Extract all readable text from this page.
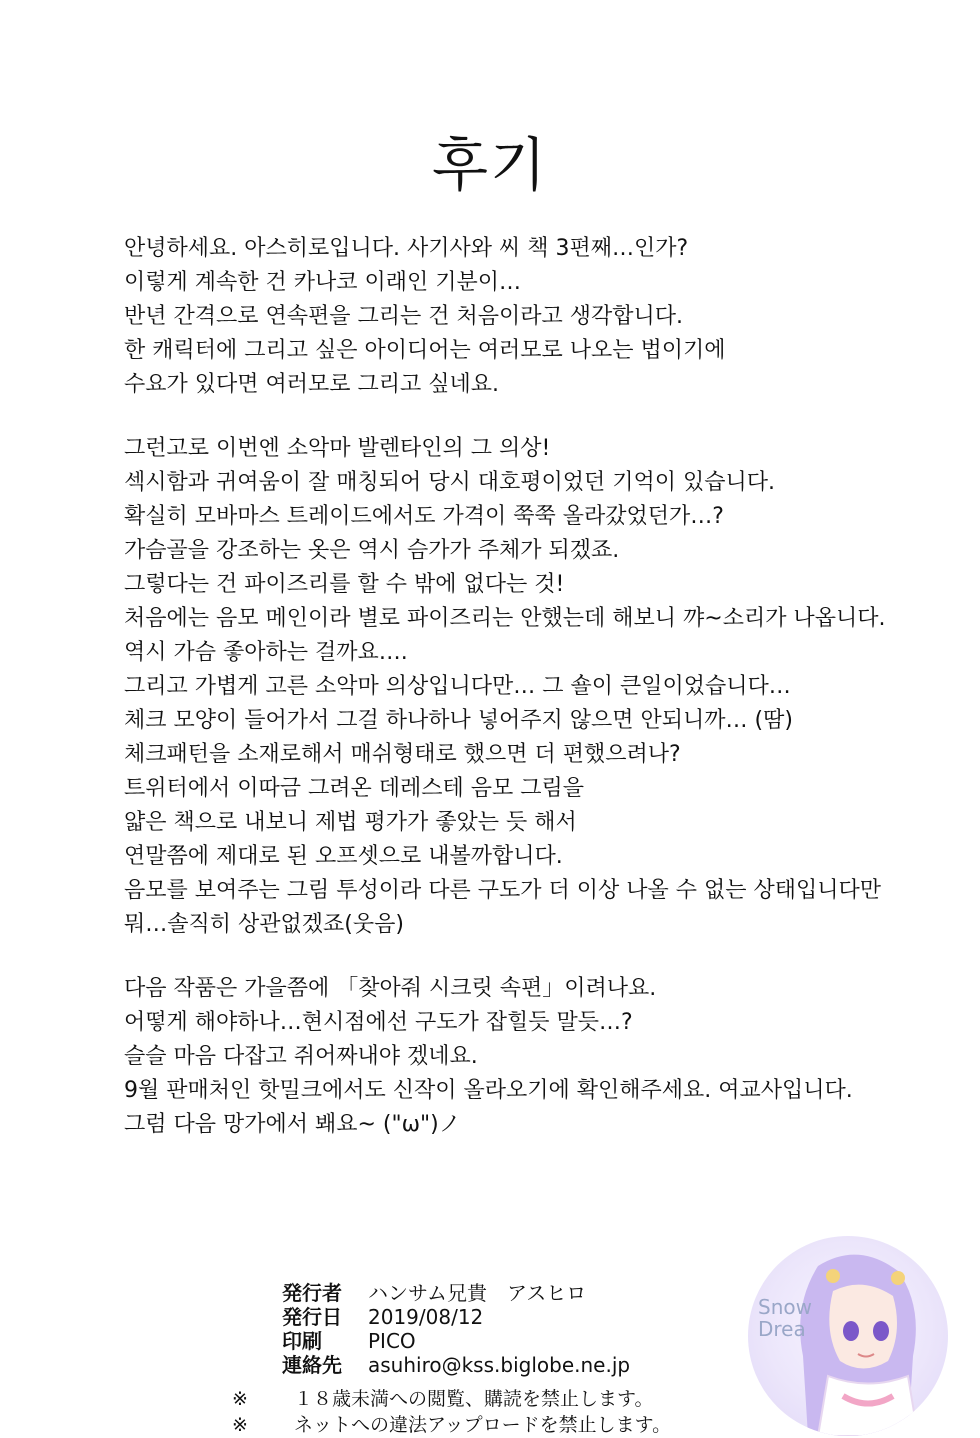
후기
안녕하세요. 아스히로입니다. 사기사와 씨 책 3편째…인가?
이렇게 계속한 건 카나코 이래인 기분이…
반년 간격으로 연속편을 그리는 건 처음이라고 생각합니다.
한 캐릭터에 그리고 싶은 아이디어는 여러모로 나오는 법이기에
수요가 있다면 여러모로 그리고 싶네요.
그런고로 이번엔 소악마 발렌타인의 그 의상!
섹시함과 귀여움이 잘 매칭되어 당시 대호평이었던 기억이 있습니다.
확실히 모바마스 트레이드에서도 가격이 쭉쭉 올라갔었던가…?
가슴골을 강조하는 옷은 역시 슴가가 주체가 되겠죠.
그렇다는 건 파이즈리를 할 수 밖에 없다는 것!
처음에는 음모 메인이라 별로 파이즈리는 안했는데 해보니 꺄~소리가 나옵니다.
역시 가슴 좋아하는 걸까요….
그리고 가볍게 고른 소악마 의상입니다만… 그 숄이 큰일이었습니다…
체크 모양이 들어가서 그걸 하나하나 넣어주지 않으면 안되니까… (땀)
체크패턴을 소재로해서 매쉬형태로 했으면 더 편했으려나?
트위터에서 이따금 그려온 데레스테 음모 그림을
얇은 책으로 내보니 제법 평가가 좋았는 듯 해서
연말쯤에 제대로 된 오프셋으로 내볼까합니다.
음모를 보여주는 그림 투성이라 다른 구도가 더 이상 나올 수 없는 상태입니다만
뭐…솔직히 상관없겠죠(웃음)
다음 작품은 가을쯤에 「찾아줘 시크릿 속편」이려나요.
어떻게 해야하나…현시점에선 구도가 잡힐듯 말듯…?
슬슬 마음 다잡고 쥐어짜내야 겠네요.
9월 판매처인 핫밀크에서도 신작이 올라오기에 확인해주세요. 여교사입니다.
그럼 다음 망가에서 봬요~ ("ω")ノ
発行者	ハンサム兄貴　アスヒロ
発行日	2019/08/12
印刷	PICO
連絡先	asuhiro@kss.biglobe.ne.jp
※	１８歳未満への閲覧、購読を禁止します。
※	ネットへの違法アップロードを禁止します。
Snow
Drea
